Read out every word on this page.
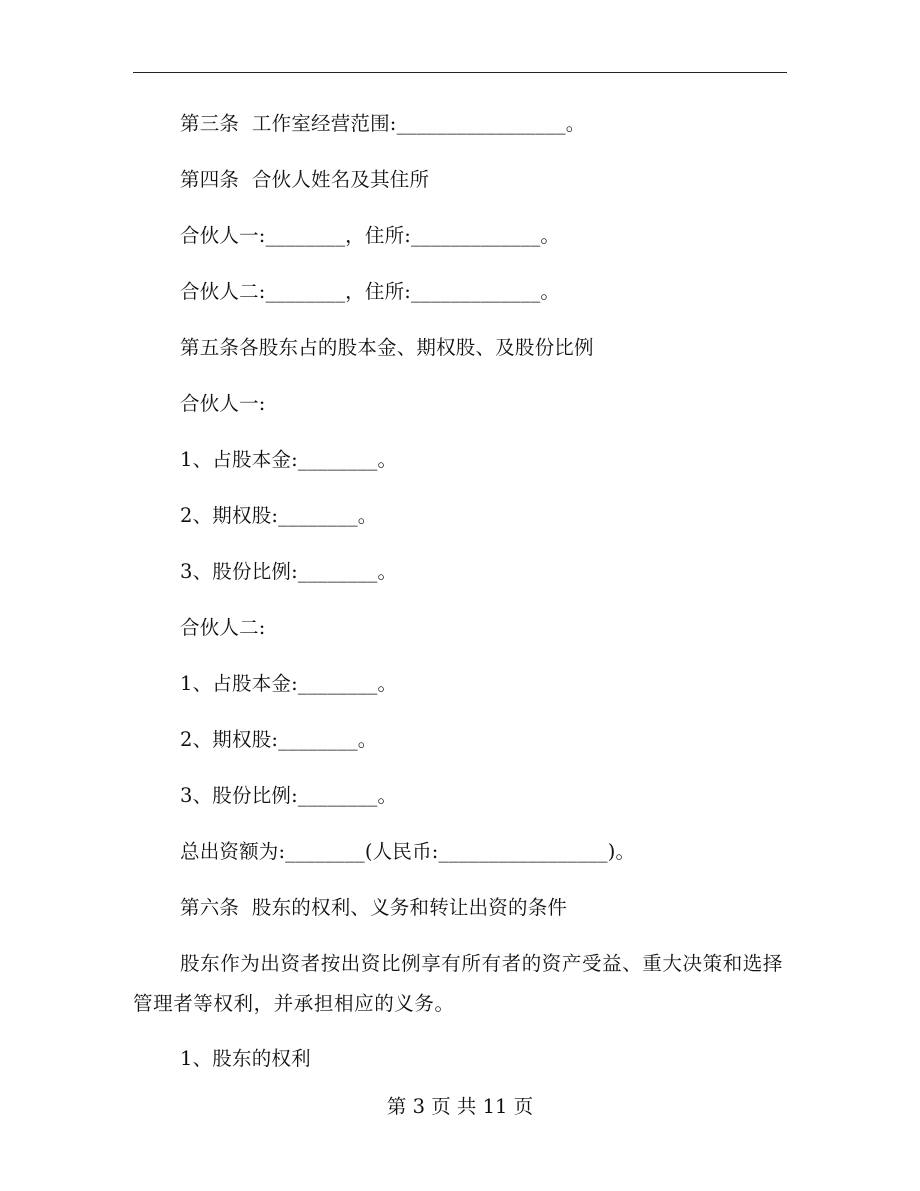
第三条  工作室经营范围:_________________。
第四条  合伙人姓名及其住所
合伙人一:________，住所:_____________。
合伙人二:________，住所:_____________。
第五条各股东占的股本金、期权股、及股份比例
合伙人一:
1、占股本金:________。
2、期权股:________。
3、股份比例:________。
合伙人二:
1、占股本金:________。
2、期权股:________。
3、股份比例:________。
总出资额为:________(人民币:_________________)。
第六条  股东的权利、义务和转让出资的条件
股东作为出资者按出资比例享有所有者的资产受益、重大决策和选择管理者等权利，并承担相应的义务。
1、股东的权利
第 3 页 共 11 页
